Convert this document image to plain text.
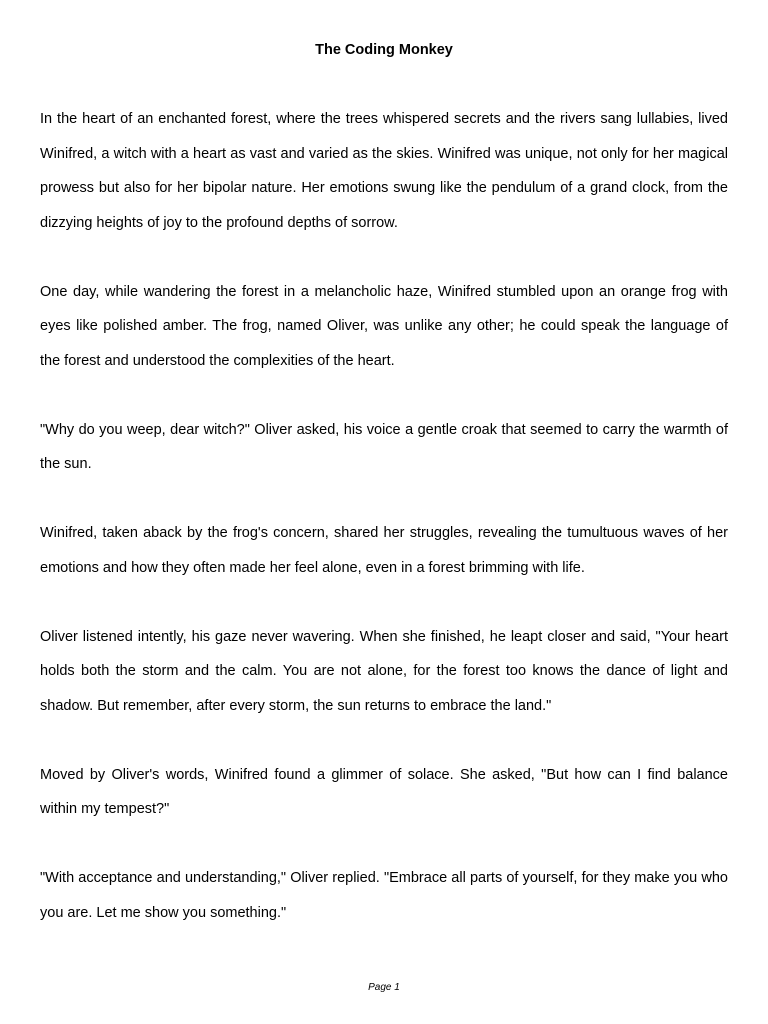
The Coding Monkey

In the heart of an enchanted forest, where the trees whispered secrets and the rivers sang lullabies, lived Winifred, a witch with a heart as vast and varied as the skies. Winifred was unique, not only for her magical prowess but also for her bipolar nature. Her emotions swung like the pendulum of a grand clock, from the dizzying heights of joy to the profound depths of sorrow.

One day, while wandering the forest in a melancholic haze, Winifred stumbled upon an orange frog with eyes like polished amber. The frog, named Oliver, was unlike any other; he could speak the language of the forest and understood the complexities of the heart.

"Why do you weep, dear witch?" Oliver asked, his voice a gentle croak that seemed to carry the warmth of the sun.

Winifred, taken aback by the frog's concern, shared her struggles, revealing the tumultuous waves of her emotions and how they often made her feel alone, even in a forest brimming with life.

Oliver listened intently, his gaze never wavering. When she finished, he leapt closer and said, "Your heart holds both the storm and the calm. You are not alone, for the forest too knows the dance of light and shadow. But remember, after every storm, the sun returns to embrace the land."

Moved by Oliver's words, Winifred found a glimmer of solace. She asked, "But how can I find balance within my tempest?"

"With acceptance and understanding," Oliver replied. "Embrace all parts of yourself, for they make you who you are. Let me show you something."

Page 1
